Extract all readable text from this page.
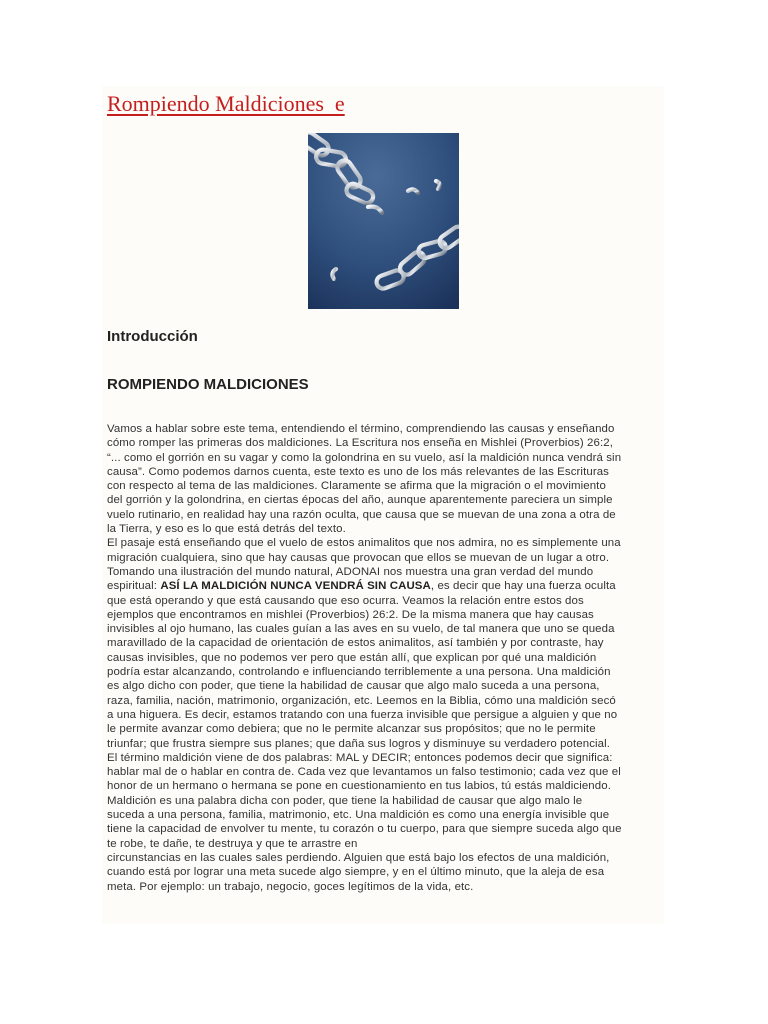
Rompiendo Maldiciones  e
Introducción
ROMPIENDO MALDICIONES

Vamos a hablar sobre este tema, entendiendo el término, comprendiendo las causas y enseñando
cómo romper las primeras dos maldiciones. La Escritura nos enseña en Mishlei (Proverbios) 26:2,
“... como el gorrión en su vagar y como la golondrina en su vuelo, así la maldición nunca vendrá sin
causa”. Como podemos darnos cuenta, este texto es uno de los más relevantes de las Escrituras
con respecto al tema de las maldiciones. Claramente se afirma que la migración o el movimiento
del gorrión y la golondrina, en ciertas épocas del año, aunque aparentemente pareciera un simple
vuelo rutinario, en realidad hay una razón oculta, que causa que se muevan de una zona a otra de
la Tierra, y eso es lo que está detrás del texto.
El pasaje está enseñando que el vuelo de estos animalitos que nos admira, no es simplemente una
migración cualquiera, sino que hay causas que provocan que ellos se muevan de un lugar a otro.
Tomando una ilustración del mundo natural, ADONAI nos muestra una gran verdad del mundo
espiritual: ASÍ LA MALDICIÓN NUNCA VENDRÁ SIN CAUSA, es decir que hay una fuerza oculta
que está operando y que está causando que eso ocurra. Veamos la relación entre estos dos
ejemplos que encontramos en mishlei (Proverbios) 26:2. De la misma manera que hay causas
invisibles al ojo humano, las cuales guían a las aves en su vuelo, de tal manera que uno se queda
maravillado de la capacidad de orientación de estos animalitos, así también y por contraste, hay
causas invisibles, que no podemos ver pero que están allí, que explican por qué una maldición
podría estar alcanzando, controlando e influenciando terriblemente a una persona. Una maldición
es algo dicho con poder, que tiene la habilidad de causar que algo malo suceda a una persona,
raza, familia, nación, matrimonio, organización, etc. Leemos en la Biblia, cómo una maldición secó
a una higuera. Es decir, estamos tratando con una fuerza invisible que persigue a alguien y que no
le permite avanzar como debiera; que no le permite alcanzar sus propósitos; que no le permite
triunfar; que frustra siempre sus planes; que daña sus logros y disminuye su verdadero potencial.
El término maldición viene de dos palabras: MAL y DECIR; entonces podemos decir que significa:
hablar mal de o hablar en contra de. Cada vez que levantamos un falso testimonio; cada vez que el
honor de un hermano o hermana se pone en cuestionamiento en tus labios, tú estás maldiciendo.
Maldición es una palabra dicha con poder, que tiene la habilidad de causar que algo malo le
suceda a una persona, familia, matrimonio, etc. Una maldición es como una energía invisible que
tiene la capacidad de envolver tu mente, tu corazón o tu cuerpo, para que siempre suceda algo que
te robe, te dañe, te destruya y que te arrastre en
circunstancias en las cuales sales perdiendo. Alguien que está bajo los efectos de una maldición,
cuando está por lograr una meta sucede algo siempre, y en el último minuto, que la aleja de esa
meta. Por ejemplo: un trabajo, negocio, goces legítimos de la vida, etc.
